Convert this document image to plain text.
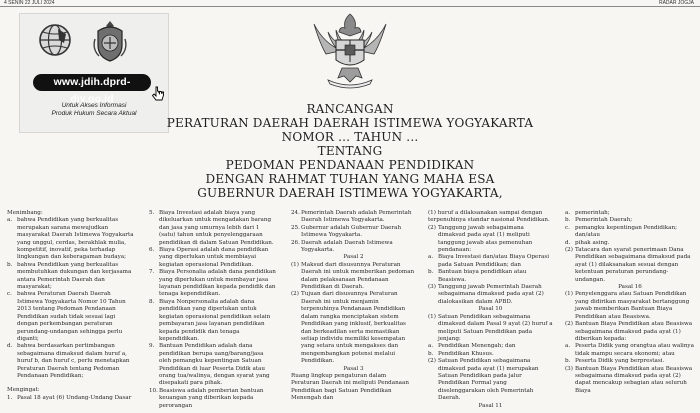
4 SENIN 22 JULI 2024	RADAR JOGJA
www.jdih.dprd-diy.go.id
Untuk Akses Informasi
Produk Hukum Secara Aktual	RANCANGAN
PERATURAN DAERAH DAERAH ISTIMEWA YOGYAKARTA
NOMOR ... TAHUN ...
TENTANG
PEDOMAN PENDANAAN PENDIDIKAN
DENGAN RAHMAT TUHAN YANG MAHA ESA
GUBERNUR DAERAH ISTIMEWA YOGYAKARTA,

Menimbang:

a. bahwa Pendidikan yang berkualitas merupakan sarana mewujudkan masyarakat Daerah Istimewa Yogyakarta yang unggul, cerdas, berakhlak mulia, kompetitif, inovatif, peka terhadap lingkungan dan keberagaman budaya;
b. bahwa Pendidikan yang berkualitas membutuhkan dukungan dan kerjasama antara Pemerintah Daerah dan masyarakat;
c. bahwa Peraturan Daerah Daerah Istimewa Yogyakarta Nomor 10 Tahun 2013 tentang Pedoman Pendanaan Pendidikan sudah tidak sesuai lagi dengan perkembangan peraturan perundang-undangan sehingga perlu diganti;
d. bahwa berdasarkan pertimbangan sebagaimana dimaksud dalam huruf a, huruf b, dan huruf c, perlu menetapkan Peraturan Daerah tentang Pedoman Pendanaan Pendidikan;

Mengingat:

1. Pasal 18 ayat (6) Undang-Undang Dasar
5. Biaya Investasi adalah biaya yang dikeluarkan untuk mengadakan barang dan jasa yang umurnya lebih dari 1 (satu) tahun untuk penyelenggaraan pendidikan di dalam Satuan Pendidikan.
6. Biaya Operasi adalah dana pendidikan yang diperlukan untuk membiayai kegiatan operasional Pendidikan.
7. Biaya Personalia adalah dana pendidikan yang diperlukan untuk membayar jasa layanan pendidikan kepada pendidik dan tenaga kependidikan.
8. Biaya Nonpersonalia adalah dana pendidikan yang diperlukan untuk kegiatan operasional pendidikan selain pembayaran jasa layanan pendidikan kepada pendidik dan tenaga kependidikan.
9. Bantuan Pendidikan adalah dana pendidikan berupa uang/barang/jasa oleh pemangku kepentingan Satuan Pendidikan di luar Peserta Didik atau orang tua/walinya, dengan syarat yang disepakati para pihak.
10. Beasiswa adalah pemberian bantuan keuangan yang diberikan kepada perorangan
24. Pemerintah Daerah adalah Pemerintah Daerah Istimewa Yogyakarta.
25. Gubernur adalah Gubernur Daerah Istimewa Yogyakarta.
26. Daerah adalah Daerah Istimewa Yogyakarta.

Pasal 2

(1) Maksud dari disusunnya Peraturan Daerah ini untuk memberikan pedoman dalam pelaksanaan Pendanaan Pendidikan di Daerah.
(2) Tujuan dari disusunnya Peraturan Daerah ini untuk menjamin terpenuhinya Pendanaan Pendidikan dalam rangka menciptakan sistem Pendidikan yang inklusif, berkualitas dan berkeadilan serta memastikan setiap individu memiliki kesempatan yang setara untuk mengakses dan mengembangkan potensi melalui Pendidikan.

Pasal 3

Ruang lingkup pengaturan dalam Peraturan Daerah ini meliputi Pendanaan Pendidikan bagi Satuan Pendidikan Menengah dan

(1) huruf a dilaksanakan sampai dengan terpenuhinya standar nasional Pendidikan.

(2) Tanggung jawab sebagaimana dimaksud pada ayat (1) meliputi tanggung jawab atas pemenuhan pendanaan:
a. Biaya Investasi dan/atau Biaya Operasi pada Satuan Pendidikan; dan
b. Bantuan biaya pendidikan atau Beasiswa.
(3) Tanggung jawab Pemerintah Daerah sebagaimana dimaksud pada ayat (2) dialokasikan dalam APBD.

Pasal 10

(1) Satuan Pendidikan sebagaimana dimaksud dalam Pasal 9 ayat (2) huruf a meliputi Satuan Pendidikan pada jenjang:
a. Pendidikan Menengah; dan
b. Pendidikan Khusus.
(2) Satuan Pendidikan sebagaimana dimaksud pada ayat (1) merupakan Satuan Pendidikan pada jalur Pendidikan Formal yang diselenggarakan oleh Pemerintah Daerah.

Pasal 11

a. pemerintah;
b. Pemerintah Daerah;
c. pemangku kepentingan Pendidikan; dan/atau
d. pihak asing.
(2) Tatacara dan syarat penerimaan Dana Pendidikan sebagaimana dimaksud pada ayat (1) dilaksanakan sesuai dengan ketentuan peraturan perundang-undangan.

Pasal 16

(1) Penyelenggara atau Satuan Pendidikan yang didirikan masyarakat bertanggung jawab memberikan Bantuan Biaya Pendidikan atau Beasiswa.
(2) Bantuan Biaya Pendidikan atau Beasiswa sebagaimana dimaksud pada ayat (1) diberikan kepada:
a. Peserta Didik yang orangtua atau walinya tidak mampu secara ekonomi; atau
b. Peserta Didik yang berprestasi.
(3) Bantuan Biaya Pendidikan atau Beasiswa sebagaimana dimaksud pada ayat (2) dapat mencakup sebagian atau seluruh Biaya
